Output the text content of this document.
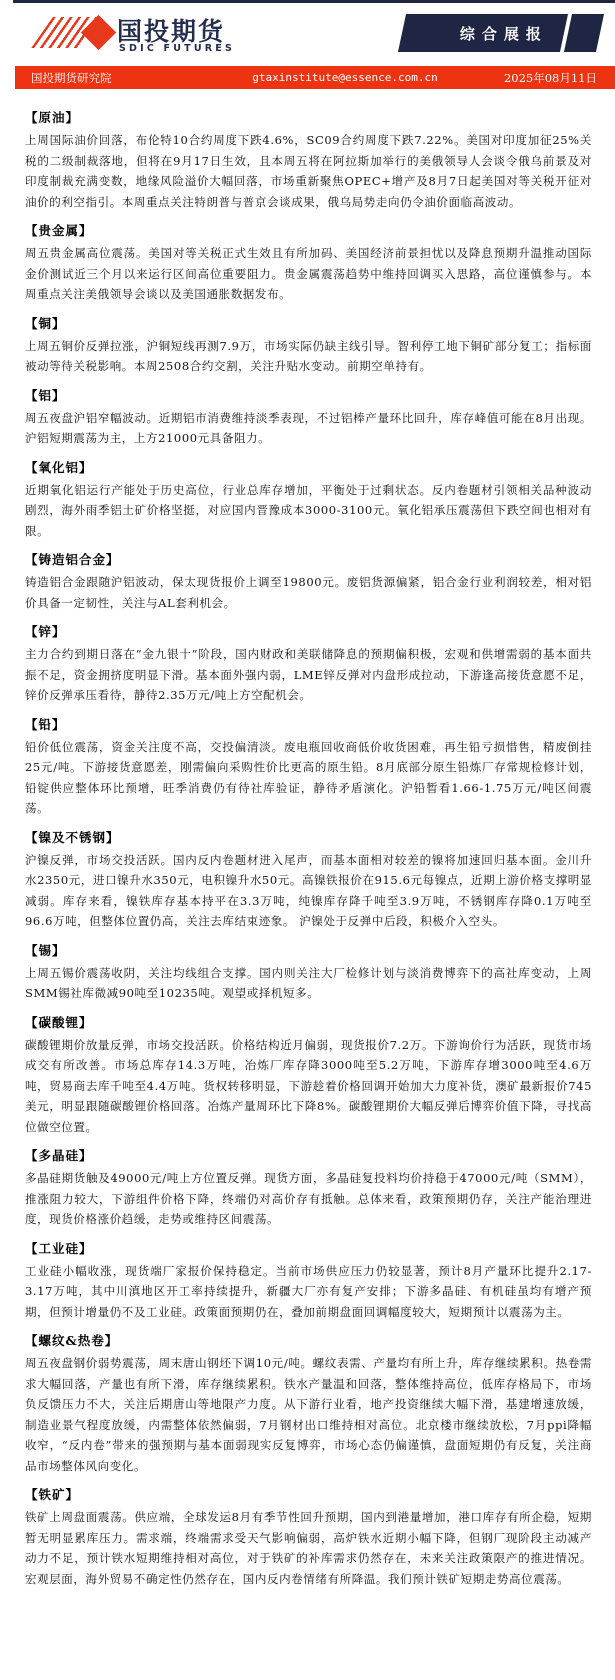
国投期货
SDIC FUTURES
综合展报
国投期货研究院	gtaxinstitute@essence.com.cn	2025年08月11日
【原油】
上周国际油价回落，布伦特10合约周度下跌4.6%，SC09合约周度下跌7.22%。美国对印度加征25%关税的二级制裁落地，但将在9月17日生效，且本周五将在阿拉斯加举行的美俄领导人会谈令俄乌前景及对印度制裁充满变数，地缘风险溢价大幅回落，市场重新聚焦OPEC+增产及8月7日起美国对等关税开征对油价的利空指引。本周重点关注特朗普与普京会谈成果，俄乌局势走向仍令油价面临高波动。
【贵金属】
周五贵金属高位震荡。美国对等关税正式生效且有所加码、美国经济前景担忧以及降息预期升温推动国际金价测试近三个月以来运行区间高位重要阻力。贵金属震荡趋势中维持回调买入思路，高位谨慎参与。本周重点关注美俄领导会谈以及美国通胀数据发布。
【铜】
上周五铜价反弹拉涨，沪铜短线再测7.9万，市场实际仍缺主线引导。智利停工地下铜矿部分复工；指标面被动等待关税影响。本周2508合约交割，关注升贴水变动。前期空单持有。
【铝】
周五夜盘沪铝窄幅波动。近期铝市消费维持淡季表现，不过铝棒产量环比回升，库存峰值可能在8月出现。沪铝短期震荡为主，上方21000元具备阻力。
【氧化铝】
近期氧化铝运行产能处于历史高位，行业总库存增加，平衡处于过剩状态。反内卷题材引领相关品种波动剧烈，海外雨季铝土矿价格坚挺，对应国内晋豫成本3000-3100元。氧化铝承压震荡但下跌空间也相对有限。
【铸造铝合金】
铸造铝合金跟随沪铝波动，保太现货报价上调至19800元。废铝货源偏紧，铝合金行业利润较差，相对铝价具备一定韧性，关注与AL套利机会。
【锌】
主力合约到期日落在“金九银十”阶段，国内财政和美联储降息的预期偏积极，宏观和供增需弱的基本面共振不足，资金拥挤度明显下滑。基本面外强内弱，LME锌反弹对内盘形成拉动，下游逢高接货意愿不足，锌价反弹承压看待，静待2.35万元/吨上方空配机会。
【铅】
铅价低位震荡，资金关注度不高，交投偏清淡。废电瓶回收商低价收货困难，再生铅亏损惜售，精废倒挂25元/吨。下游接货意愿差，刚需偏向采购性价比更高的原生铅。8月底部分原生铅炼厂存常规检修计划，铅锭供应整体环比预增，旺季消费仍有待社库验证，静待矛盾演化。沪铅暂看1.66-1.75万元/吨区间震荡。
【镍及不锈钢】
沪镍反弹，市场交投活跃。国内反内卷题材进入尾声，而基本面相对较差的镍将加速回归基本面。金川升水2350元，进口镍升水350元，电积镍升水50元。高镍铁报价在915.6元每镍点，近期上游价格支撑明显减弱。库存来看，镍铁库存基本持平在3.3万吨，纯镍库存降千吨至3.9万吨，不锈钢库存降0.1万吨至96.6万吨，但整体位置仍高，关注去库结束迹象。 沪镍处于反弹中后段，积极介入空头。
【锡】
上周五锡价震荡收阴，关注均线组合支撑。国内则关注大厂检修计划与淡消费博弈下的高社库变动，上周SMM锡社库微减90吨至10235吨。观望或择机短多。
【碳酸锂】
碳酸锂期价放量反弹，市场交投活跃。价格结构近月偏弱，现货报价7.2万。下游询价行为活跃，现货市场成交有所改善。市场总库存14.3万吨，冶炼厂库存降3000吨至5.2万吨，下游库存增3000吨至4.6万吨，贸易商去库千吨至4.4万吨。货权转移明显，下游趁着价格回调开始加大力度补货，澳矿最新报价745美元，明显跟随碳酸锂价格回落。冶炼产量周环比下降8%。碳酸锂期价大幅反弹后博弈价值下降，寻找高位做空位置。
【多晶硅】
多晶硅期货触及49000元/吨上方位置反弹。现货方面，多晶硅复投料均价持稳于47000元/吨（SMM），推涨阻力较大，下游组件价格下降，终端仍对高价存有抵触。总体来看，政策预期仍存，关注产能治理进度，现货价格涨价趋缓，走势或维持区间震荡。
【工业硅】
工业硅小幅收涨，现货端厂家报价保持稳定。当前市场供应压力仍较显著，预计8月产量环比提升2.17-3.17万吨，其中川滇地区开工率持续提升，新疆大厂亦有复产安排；下游多晶硅、有机硅虽均有增产预期，但预计增量仍不及工业硅。政策面预期仍在，叠加前期盘面回调幅度较大，短期预计以震荡为主。
【螺纹&热卷】
周五夜盘钢价弱势震荡，周末唐山钢坯下调10元/吨。螺纹表需、产量均有所上升，库存继续累积。热卷需求大幅回落，产量也有所下滑，库存继续累积。铁水产量温和回落，整体维持高位，低库存格局下，市场负反馈压力不大，关注后期唐山等地限产力度。从下游行业看，地产投资继续大幅下滑，基建增速放缓，制造业景气程度放缓，内需整体依然偏弱，7月钢材出口维持相对高位。北京楼市继续放松，7月ppi降幅收窄，“反内卷”带来的强预期与基本面弱现实反复博弈，市场心态仍偏谨慎，盘面短期仍有反复，关注商品市场整体风向变化。
【铁矿】
铁矿上周盘面震荡。供应端，全球发运8月有季节性回升预期，国内到港量增加，港口库存有所企稳，短期暂无明显累库压力。需求端，终端需求受天气影响偏弱，高炉铁水近期小幅下降，但钢厂现阶段主动减产动力不足，预计铁水短期维持相对高位，对于铁矿的补库需求仍然存在，未来关注政策限产的推进情况。宏观层面，海外贸易不确定性仍然存在，国内反内卷情绪有所降温。我们预计铁矿短期走势高位震荡。
